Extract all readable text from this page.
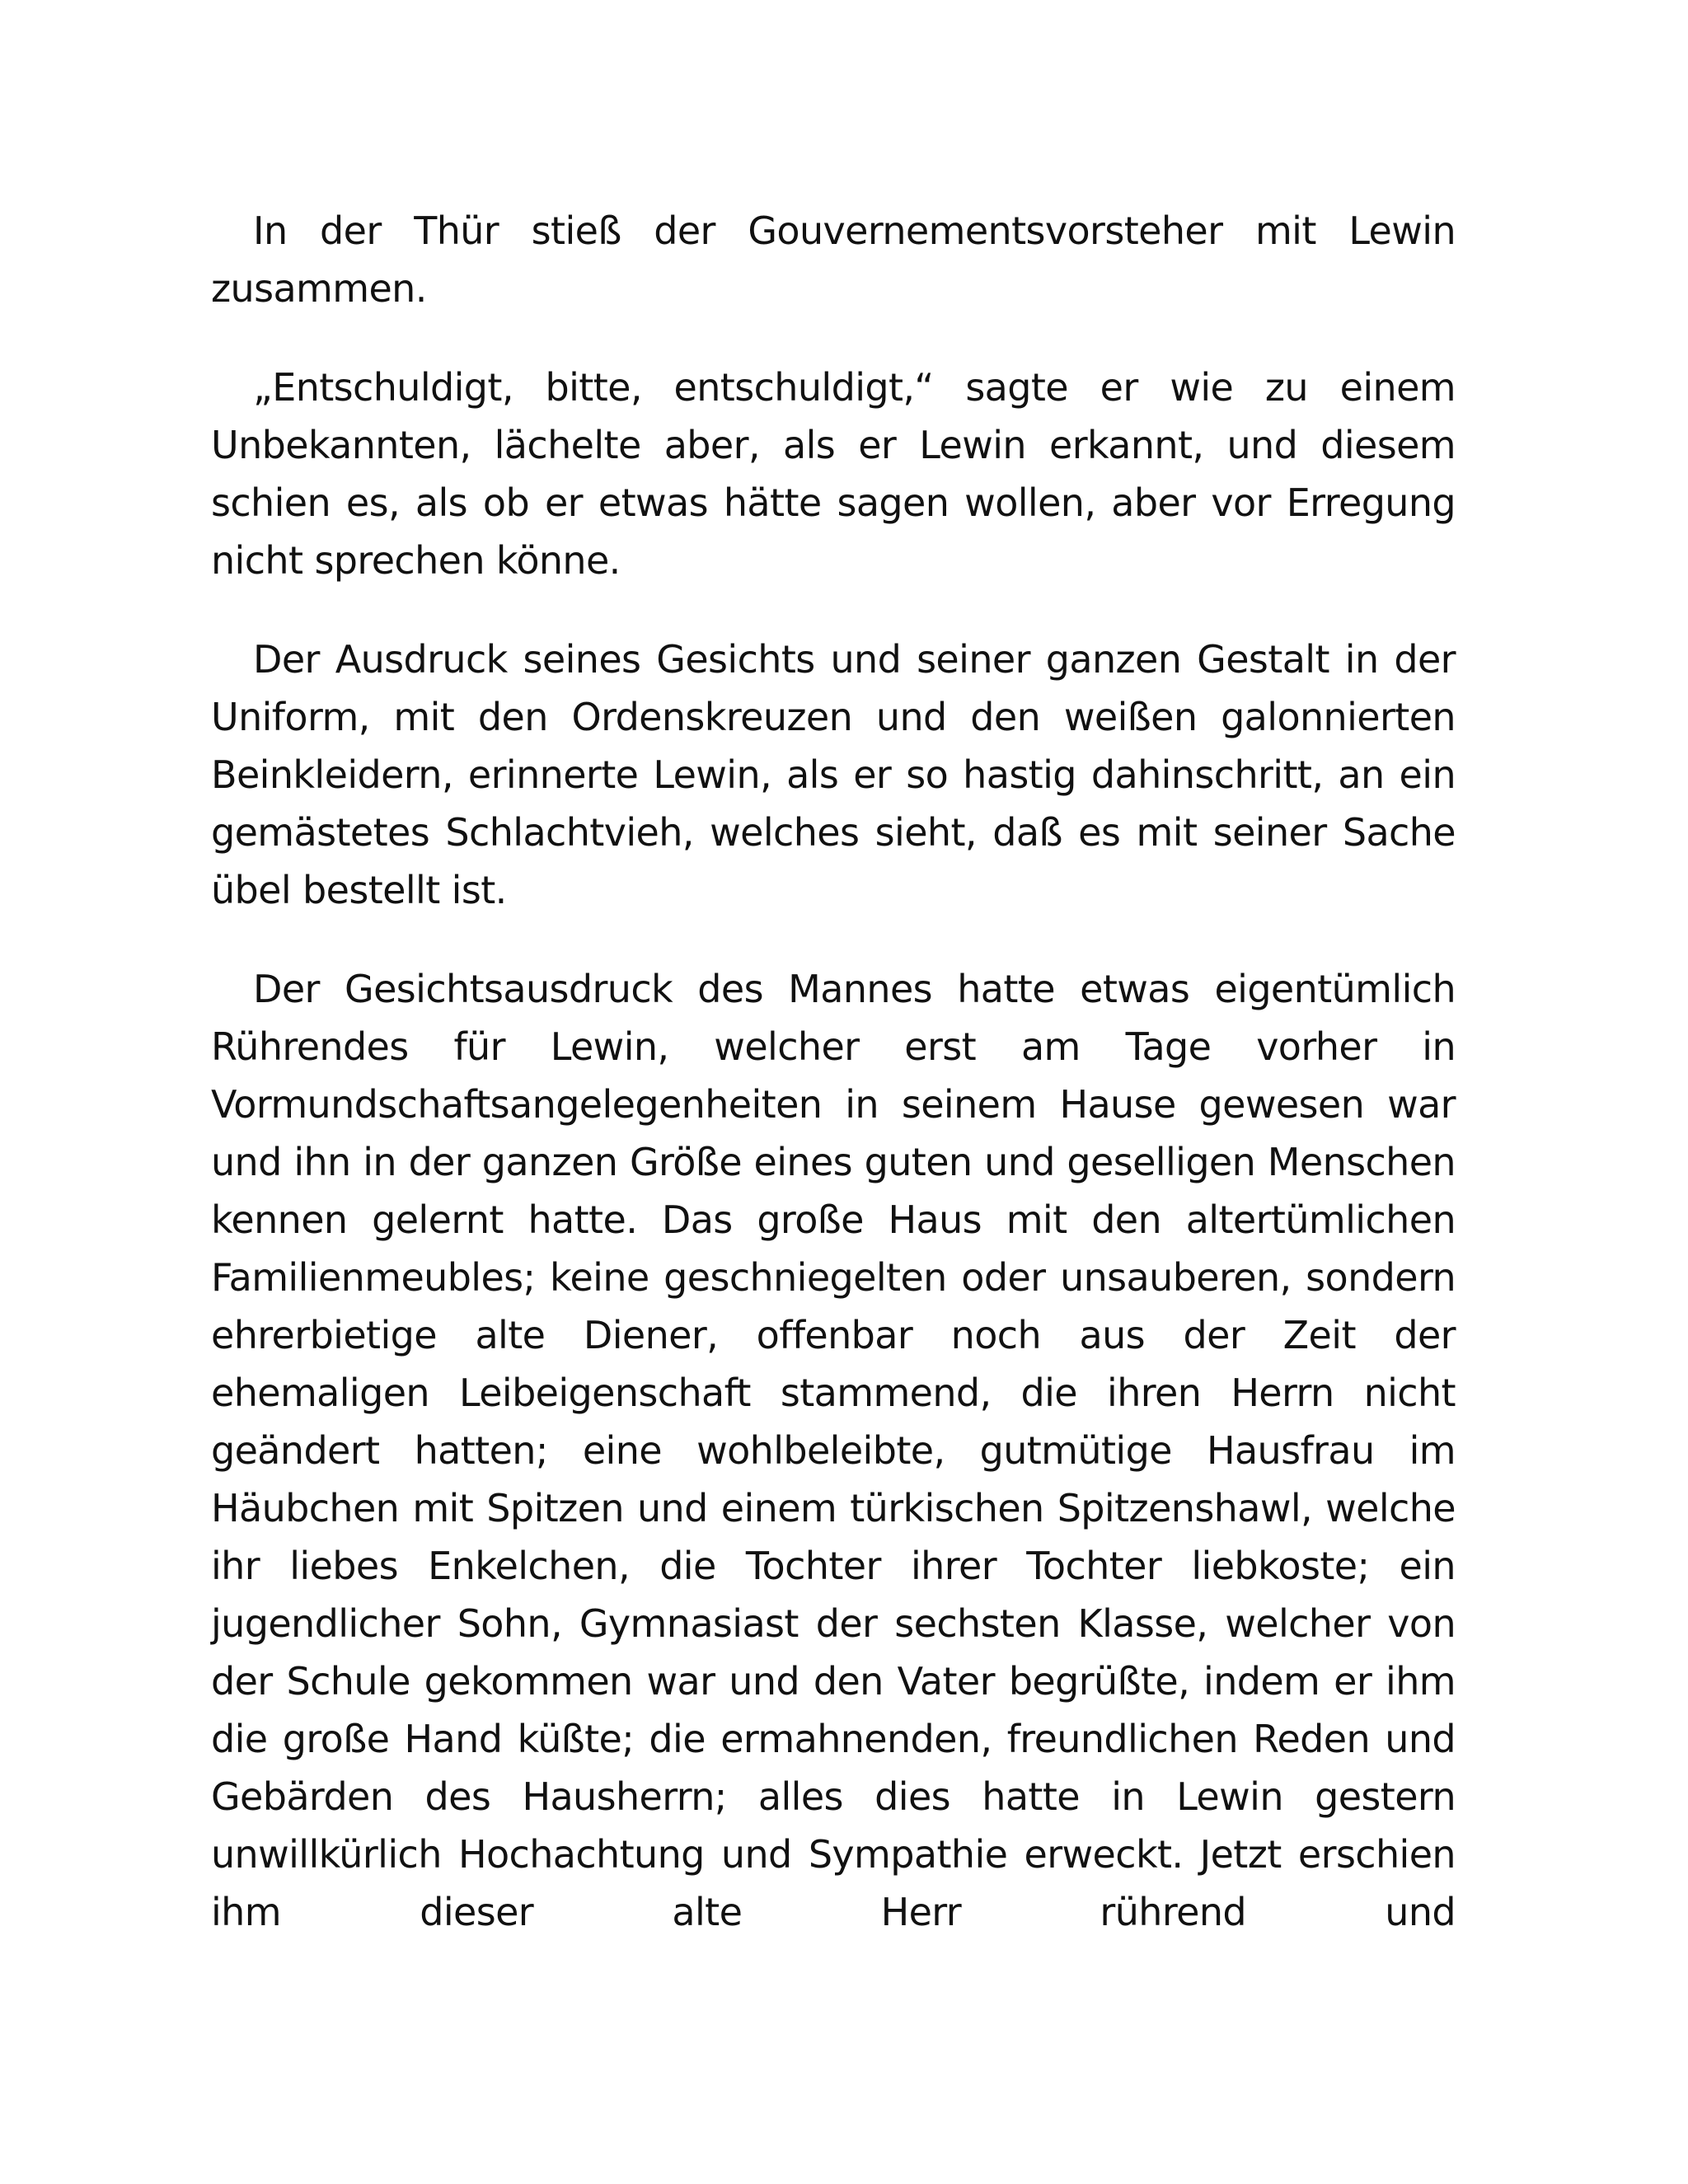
In der Thür stieß der Gouvernementsvorsteher mit Lewin zusammen.

„Entschuldigt, bitte, entschuldigt,“ sagte er wie zu einem Unbekannten, lächelte aber, als er Lewin erkannt, und diesem schien es, als ob er etwas hätte sagen wollen, aber vor Erregung nicht sprechen könne.

Der Ausdruck seines Gesichts und seiner ganzen Gestalt in der Uniform, mit den Ordenskreuzen und den weißen galonnierten Beinkleidern, erinnerte Lewin, als er so hastig dahinschritt, an ein gemästetes Schlachtvieh, welches sieht, daß es mit seiner Sache übel bestellt ist.

Der Gesichtsausdruck des Mannes hatte etwas eigentümlich Rührendes für Lewin, welcher erst am Tage vorher in Vormundschaftsangelegenheiten in seinem Hause gewesen war und ihn in der ganzen Größe eines guten und geselligen Menschen kennen gelernt hatte. Das große Haus mit den altertümlichen Familienmeubles; keine geschniegelten oder unsauberen, sondern ehrerbietige alte Diener, offenbar noch aus der Zeit der ehemaligen Leibeigenschaft stammend, die ihren Herrn nicht geändert hatten; eine wohlbeleibte, gutmütige Hausfrau im Häubchen mit Spitzen und einem türkischen Spitzenshawl, welche ihr liebes Enkelchen, die Tochter ihrer Tochter liebkoste; ein jugendlicher Sohn, Gymnasiast der sechsten Klasse, welcher von der Schule gekommen war und den Vater begrüßte, indem er ihm die große Hand küßte; die ermahnenden, freundlichen Reden und Gebärden des Hausherrn; alles dies hatte in Lewin gestern unwillkürlich Hochachtung und Sympathie erweckt. Jetzt erschien ihm dieser alte Herr rührend und
